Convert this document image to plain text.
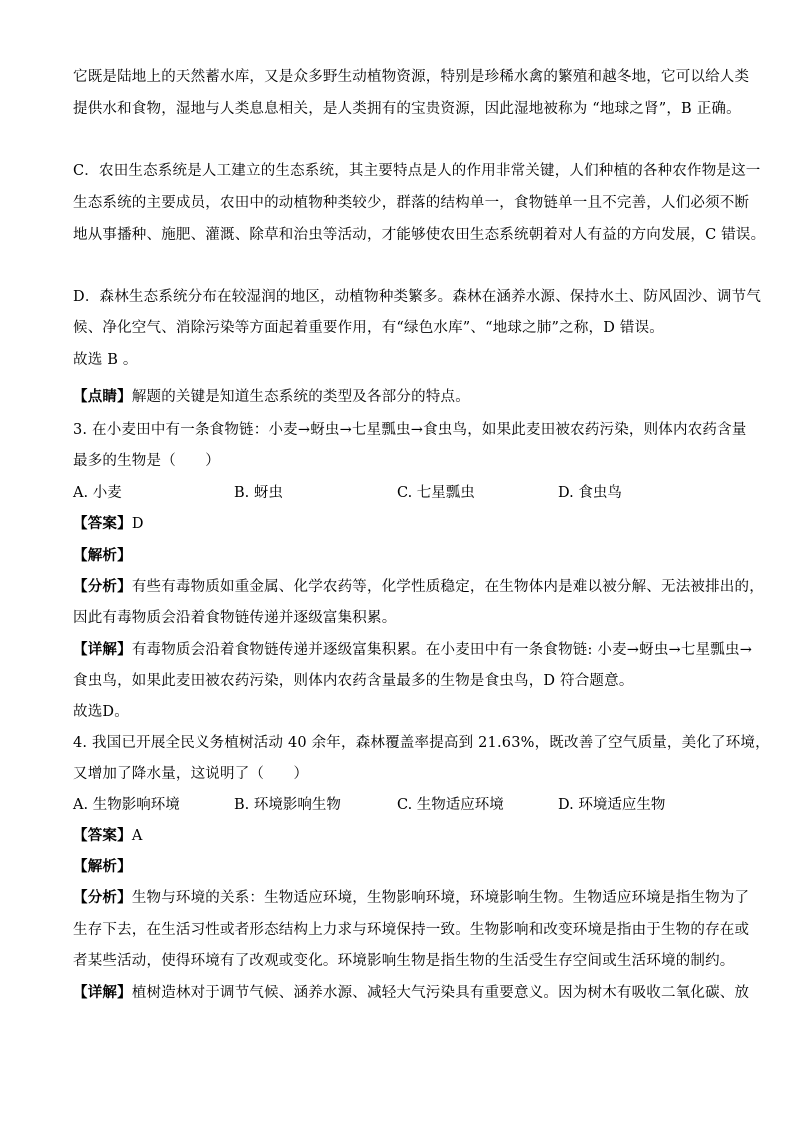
它既是陆地上的天然蓄水库，又是众多野生动植物资源，特别是珍稀水禽的繁殖和越冬地，它可以给人类
提供水和食物，湿地与人类息息相关，是人类拥有的宝贵资源，因此湿地被称为 “地球之肾”，B 正确。
C．农田生态系统是人工建立的生态系统，其主要特点是人的作用非常关键，人们种植的各种农作物是这一
生态系统的主要成员，农田中的动植物种类较少，群落的结构单一，食物链单一且不完善，人们必须不断
地从事播种、施肥、灌溉、除草和治虫等活动，才能够使农田生态系统朝着对人有益的方向发展，C 错误。
D．森林生态系统分布在较湿润的地区，动植物种类繁多。森林在涵养水源、保持水土、防风固沙、调节气
候、净化空气、消除污染等方面起着重要作用，有“绿色水库”、“地球之肺”之称，D 错误。
故选 B 。
【点睛】解题的关键是知道生态系统的类型及各部分的特点。
3. 在小麦田中有一条食物链：小麦→蚜虫→七星瓢虫→食虫鸟，如果此麦田被农药污染，则体内农药含量
最多的生物是（　　）
A. 小麦	B. 蚜虫	C. 七星瓢虫	D. 食虫鸟
【答案】D
【解析】
【分析】有些有毒物质如重金属、化学农药等，化学性质稳定，在生物体内是难以被分解、无法被排出的，
因此有毒物质会沿着食物链传递并逐级富集积累。
【详解】有毒物质会沿着食物链传递并逐级富集积累。在小麦田中有一条食物链: 小麦→蚜虫→七星瓢虫→
食虫鸟，如果此麦田被农药污染，则体内农药含量最多的生物是食虫鸟，D 符合题意。
故选D。
4. 我国已开展全民义务植树活动 40 余年，森林覆盖率提高到 21.63%，既改善了空气质量，美化了环境，
又增加了降水量，这说明了（　　）
A. 生物影响环境	B. 环境影响生物	C. 生物适应环境	D. 环境适应生物
【答案】A
【解析】
【分析】生物与环境的关系：生物适应环境，生物影响环境，环境影响生物。生物适应环境是指生物为了
生存下去，在生活习性或者形态结构上力求与环境保持一致。生物影响和改变环境是指由于生物的存在或
者某些活动，使得环境有了改观或变化。环境影响生物是指生物的生活受生存空间或生活环境的制约。
【详解】植树造林对于调节气候、涵养水源、减轻大气污染具有重要意义。因为树木有吸收二氧化碳、放
